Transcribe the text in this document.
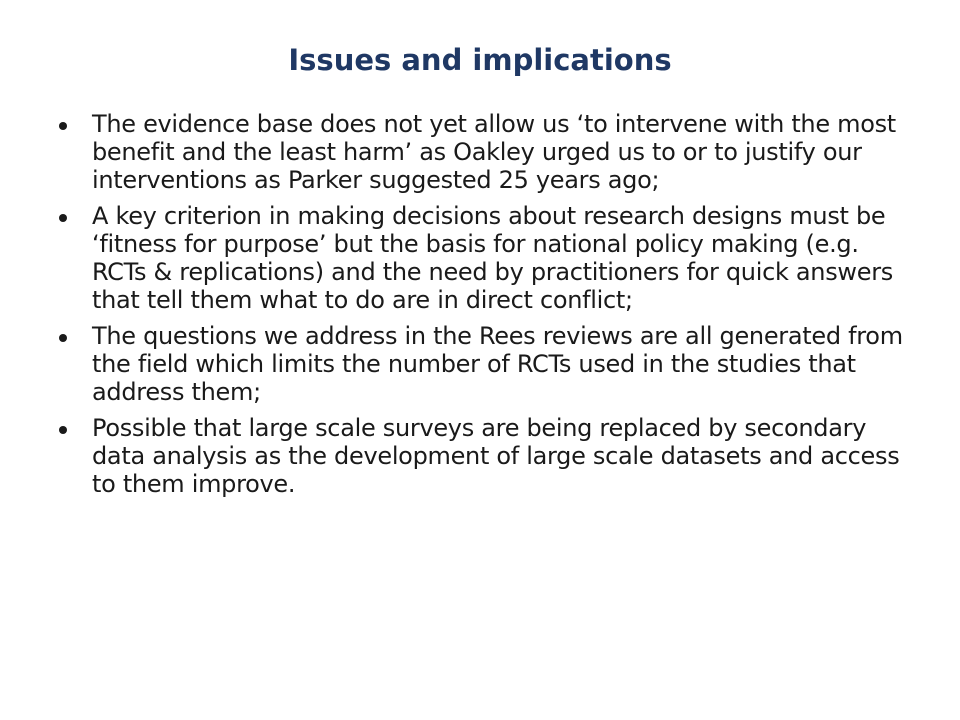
Issues and implications
The evidence base does not yet allow us ‘to intervene with the most benefit and the least harm’ as Oakley urged us to or to justify our interventions as Parker suggested 25 years ago;
A key criterion in making decisions about research designs must be ‘fitness for purpose’ but the basis for national policy making (e.g. RCTs & replications) and the need by practitioners for quick answers that tell them what to do are in direct conflict;
The questions we address in the Rees reviews are all generated from the field which limits the number of RCTs used in the studies that address them;
Possible that large scale surveys are being replaced by secondary data analysis as the development of large scale datasets and access to them improve.
